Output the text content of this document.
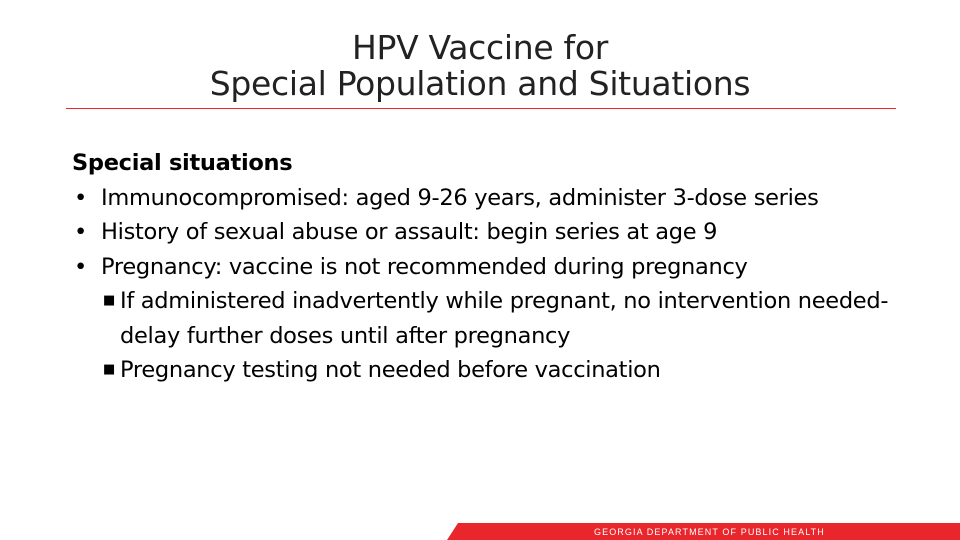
HPV Vaccine for
Special Population and Situations

Special situations

• Immunocompromised: aged 9-26 years, administer 3-dose series
• History of sexual abuse or assault: begin series at age 9
• Pregnancy: vaccine is not recommended during pregnancy
■ If administered inadvertently while pregnant, no intervention needed-delay further doses until after pregnancy
■ Pregnancy testing not needed before vaccination
GEORGIA DEPARTMENT OF PUBLIC HEALTH
